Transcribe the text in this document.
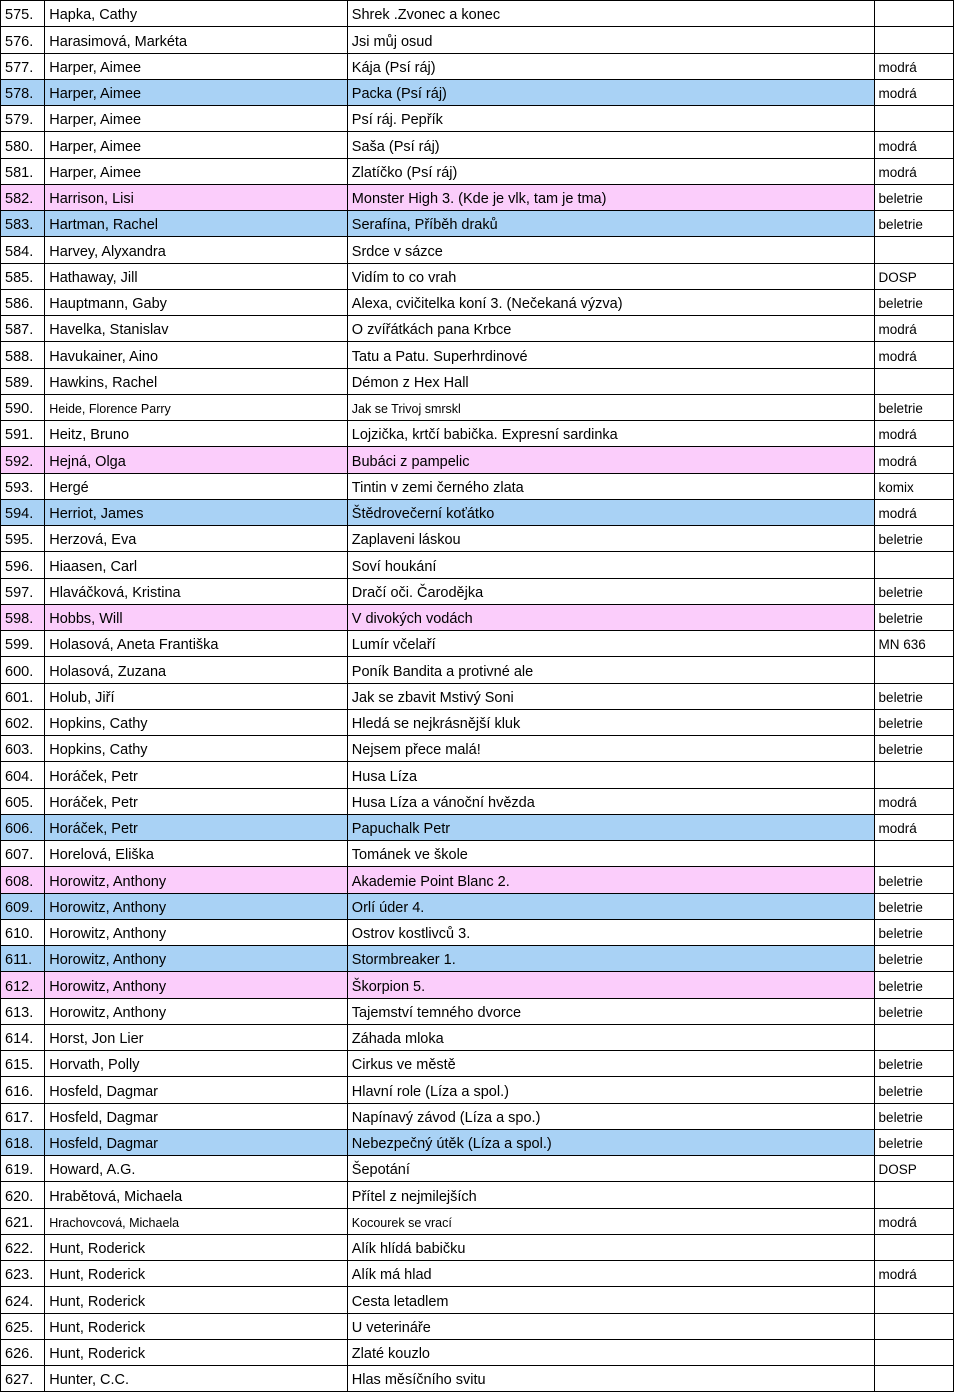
575.	Hapka, Cathy	Shrek .Zvonec a konec	
576.	Harasimová, Markéta	Jsi můj osud	
577.	Harper, Aimee	Kája (Psí ráj)	modrá
578.	Harper, Aimee	Packa (Psí ráj)	modrá
579.	Harper, Aimee	Psí ráj. Pepřík	
580.	Harper, Aimee	Saša (Psí ráj)	modrá
581.	Harper, Aimee	Zlatíčko (Psí ráj)	modrá
582.	Harrison, Lisi	Monster High 3. (Kde je vlk, tam je tma)	beletrie
583.	Hartman, Rachel	Serafína, Příběh draků	beletrie
584.	Harvey, Alyxandra	Srdce v sázce	
585.	Hathaway, Jill	Vidím to co vrah	DOSP
586.	Hauptmann, Gaby	Alexa, cvičitelka koní 3. (Nečekaná výzva)	beletrie
587.	Havelka, Stanislav	O zvířátkách pana Krbce	modrá
588.	Havukainer, Aino	Tatu a Patu. Superhrdinové	modrá
589.	Hawkins, Rachel	Démon z Hex Hall	
590.	Heide, Florence Parry	Jak se Trivoj smrskl	beletrie
591.	Heitz, Bruno	Lojzička, krtčí babička. Expresní sardinka	modrá
592.	Hejná, Olga	Bubáci z pampelic	modrá
593.	Hergé	Tintin v zemi černého zlata	komix
594.	Herriot, James	Štědrovečerní koťátko	modrá
595.	Herzová, Eva	Zaplaveni láskou	beletrie
596.	Hiaasen, Carl	Soví houkání	
597.	Hlaváčková, Kristina	Dračí oči. Čarodějka	beletrie
598.	Hobbs, Will	V divokých vodách	beletrie
599.	Holasová, Aneta Františka	Lumír včelaří	MN 636
600.	Holasová, Zuzana	Poník Bandita a protivné ale	
601.	Holub, Jiří	Jak se zbavit Mstivý Soni	beletrie
602.	Hopkins, Cathy	Hledá se nejkrásnější kluk	beletrie
603.	Hopkins, Cathy	Nejsem přece malá!	beletrie
604.	Horáček, Petr	Husa Líza	
605.	Horáček, Petr	Husa Líza a vánoční hvězda	modrá
606.	Horáček, Petr	Papuchalk Petr	modrá
607.	Horelová, Eliška	Tománek ve škole	
608.	Horowitz, Anthony	Akademie Point Blanc 2.	beletrie
609.	Horowitz, Anthony	Orlí úder 4.	beletrie
610.	Horowitz, Anthony	Ostrov kostlivců 3.	beletrie
611.	Horowitz, Anthony	Stormbreaker 1.	beletrie
612.	Horowitz, Anthony	Škorpion 5.	beletrie
613.	Horowitz, Anthony	Tajemství temného dvorce	beletrie
614.	Horst, Jon Lier	Záhada mloka	
615.	Horvath, Polly	Cirkus ve městě	beletrie
616.	Hosfeld, Dagmar	Hlavní role (Líza a spol.)	beletrie
617.	Hosfeld, Dagmar	Napínavý závod (Líza a spo.)	beletrie
618.	Hosfeld, Dagmar	Nebezpečný útěk (Líza a spol.)	beletrie
619.	Howard, A.G.	Šepotání	DOSP
620.	Hrabětová, Michaela	Přítel z nejmilejších	
621.	Hrachovcová, Michaela	Kocourek se vrací	modrá
622.	Hunt, Roderick	Alík hlídá babičku	
623.	Hunt, Roderick	Alík má hlad	modrá
624.	Hunt, Roderick	Cesta letadlem	
625.	Hunt, Roderick	U veterináře	
626.	Hunt, Roderick	Zlaté kouzlo	
627.	Hunter, C.C.	Hlas měsíčního svitu	
